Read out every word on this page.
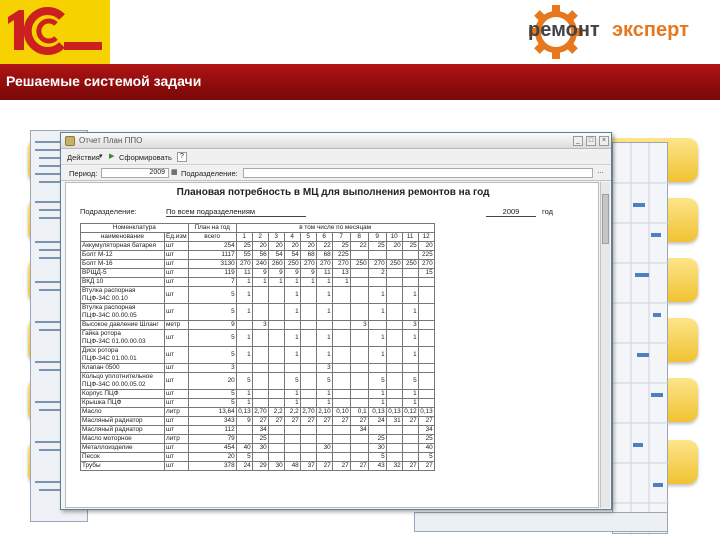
ремонт эксперт
Решаемые системой задачи
Отчет План ППО	_	□	×
Действия ▾ ▶ Сформировать	?
Период:	2009 ▦ Подразделение:	…
Плановая потребность в МЦ для выполнения ремонтов на год
Подразделение:	По всем подразделениям	2009	год
Номенклатура		План на год	в том числе по месяцам											
наименование	Ед.изм	всего	1	2	3	4	5	6	7	8	9	10	11	12
Аккумуляторная батарея	шт	254	25	20	20	20	20	22	25	22	25	20	25	20
Болт М-12	шт	1117	55	56	54	54	68	68	225					225
Болт М-16	шт	3130	270	240	260	250	270	270	270	250	270	250	250	270
ВРЩД-5	шт	119	11	9	9	9	9	11	13		2			15
ВКД 10	шт	7	1	1	1	1	1	1	1					
Втулка распорная
ПЦФ-34С 00.10	шт	5	1			1		1			1		1	
Втулка распорная
ПЦФ-34С 00.00.05	шт	5	1			1		1			1		1	
Высокое давление Шланг	метр	9		3						3			3	
Гайка ротора
ПЦФ-34С 01.00.00.03	шт	5	1			1		1			1		1	
Диск ротора
ПЦФ-34С 01.00.01	шт	5	1			1		1			1		1	
Клапан 0500	шт	3						3						
Кольцо уплотнительное
ПЦФ-34С 00.00.05.02	шт	20	5			5		5			5		5	
Корпус ПЦФ	шт	5	1			1		1			1		1	
Крышка ПЦФ	шт	5	1			1		1			1		1	
Масло	литр	13,64	0,13	2,70	2,2	2,2	2,70	2,10	0,10	0,1	0,13	0,13	0,12	0,13
Масляный радиатор	шт	343	9	27	27	27	27	27	27	27	24	31	27	27
Масляный радиатор	шт	112		34						34				34
Масло моторное	литр	79		25							25			25
Металлоизделие	шт	454	40	30				30			30			40
Песок	шт	20	5								5			5
Трубы	шт	378	24	29	30	48	37	27	27	27	43	32	27	27
